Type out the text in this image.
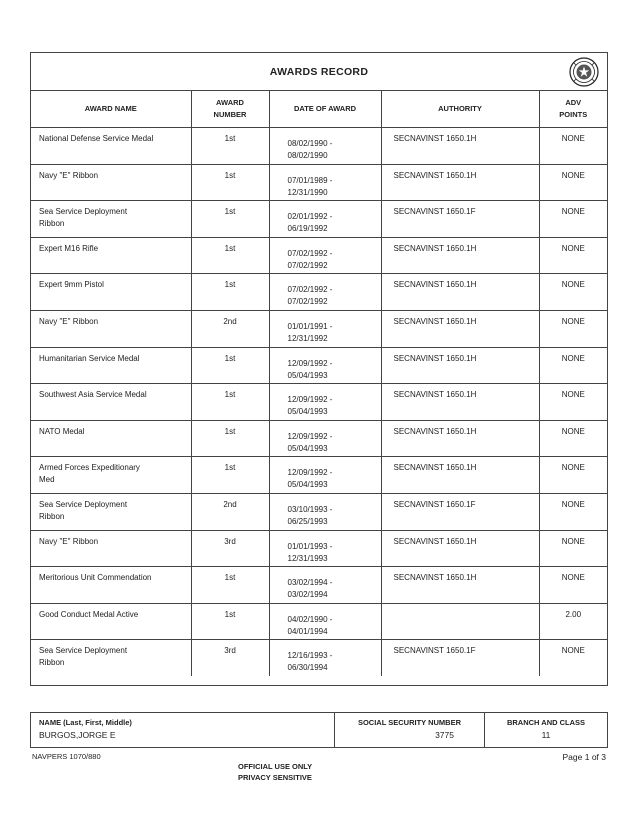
AWARDS RECORD
AWARD NAME	AWARD
NUMBER	DATE OF AWARD	AUTHORITY	ADV
POINTS
National Defense Service Medal	1st	08/02/1990 -
08/02/1990	SECNAVINST 1650.1H	NONE
Navy "E" Ribbon	1st	07/01/1989 -
12/31/1990	SECNAVINST 1650.1H	NONE
Sea Service Deployment
Ribbon	1st	02/01/1992 -
06/19/1992	SECNAVINST 1650.1F	NONE
Expert M16 Rifle	1st	07/02/1992 -
07/02/1992	SECNAVINST 1650.1H	NONE
Expert 9mm Pistol	1st	07/02/1992 -
07/02/1992	SECNAVINST 1650.1H	NONE
Navy "E" Ribbon	2nd	01/01/1991 -
12/31/1992	SECNAVINST 1650.1H	NONE
Humanitarian Service Medal	1st	12/09/1992 -
05/04/1993	SECNAVINST 1650.1H	NONE
Southwest Asia Service Medal	1st	12/09/1992 -
05/04/1993	SECNAVINST 1650.1H	NONE
NATO Medal	1st	12/09/1992 -
05/04/1993	SECNAVINST 1650.1H	NONE
Armed Forces Expeditionary
Med	1st	12/09/1992 -
05/04/1993	SECNAVINST 1650.1H	NONE
Sea Service Deployment
Ribbon	2nd	03/10/1993 -
06/25/1993	SECNAVINST 1650.1F	NONE
Navy "E" Ribbon	3rd	01/01/1993 -
12/31/1993	SECNAVINST 1650.1H	NONE
Meritorious Unit Commendation	1st	03/02/1994 -
03/02/1994	SECNAVINST 1650.1H	NONE
Good Conduct Medal Active	1st	04/02/1990 -
04/01/1994		2.00
Sea Service Deployment
Ribbon	3rd	12/16/1993 -
06/30/1994	SECNAVINST 1650.1F	NONE
NAME (Last, First, Middle)
BURGOS,JORGE E
SOCIAL SECURITY NUMBER
3775
BRANCH AND CLASS
11
NAVPERS 1070/880	Page 1 of 3
OFFICIAL USE ONLY
PRIVACY SENSITIVE
